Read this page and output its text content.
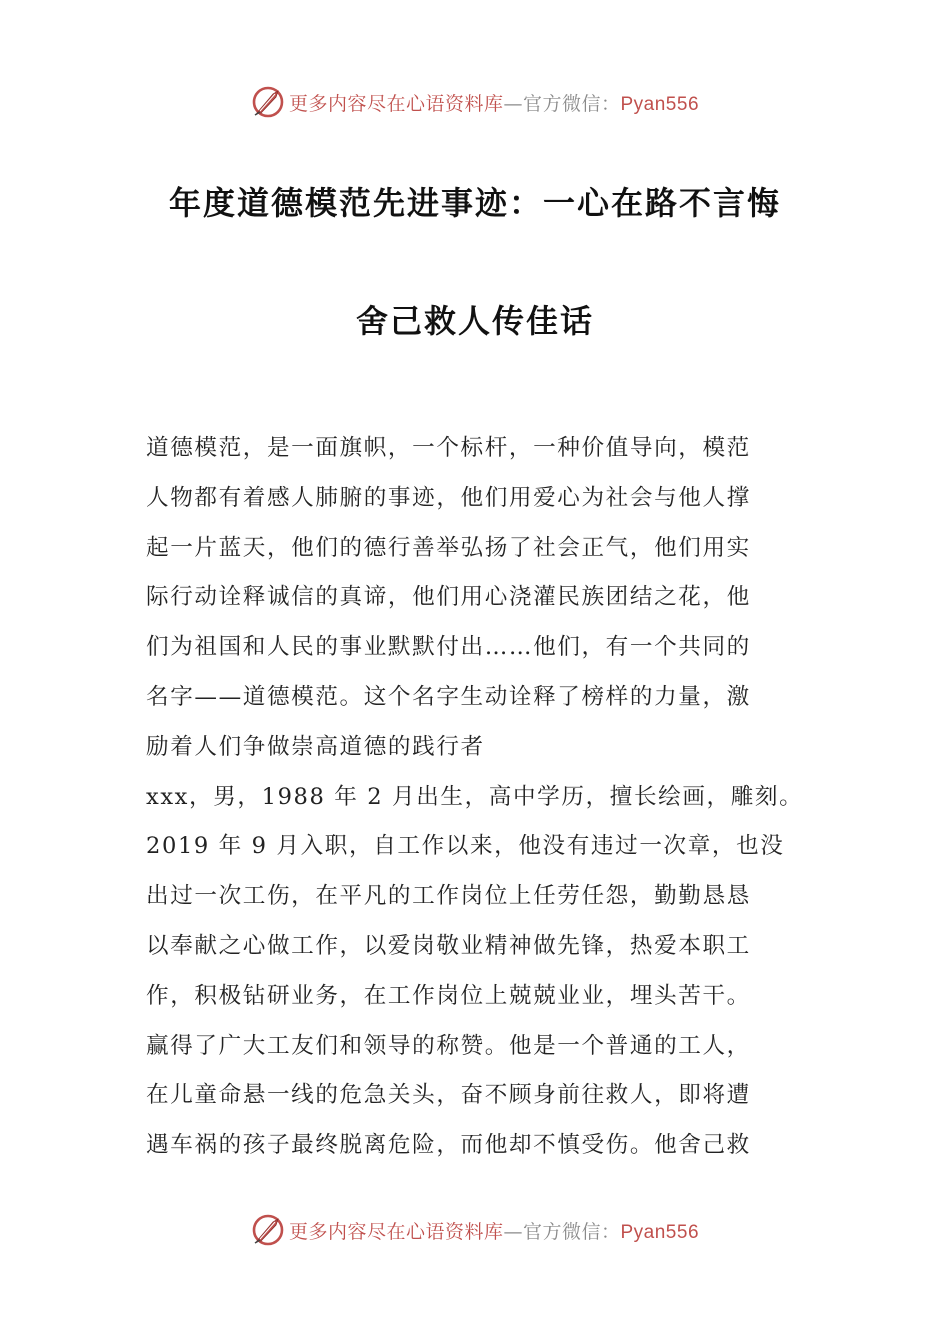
更多内容尽在心语资料库—官方微信：Pyan556
年度道德模范先进事迹：一心在路不言悔
舍己救人传佳话
道德模范，是一面旗帜，一个标杆，一种价值导向，模范
人物都有着感人肺腑的事迹，他们用爱心为社会与他人撑
起一片蓝天，他们的德行善举弘扬了社会正气，他们用实
际行动诠释诚信的真谛，他们用心浇灌民族团结之花，他
们为祖国和人民的事业默默付出……他们，有一个共同的
名字——道德模范。这个名字生动诠释了榜样的力量，激
励着人们争做崇高道德的践行者
xxx，男，1988 年 2 月出生，高中学历，擅长绘画，雕刻。
2019 年 9 月入职，自工作以来，他没有违过一次章，也没
出过一次工伤，在平凡的工作岗位上任劳任怨，勤勤恳恳
以奉献之心做工作，以爱岗敬业精神做先锋，热爱本职工
作，积极钻研业务，在工作岗位上兢兢业业，埋头苦干。
赢得了广大工友们和领导的称赞。他是一个普通的工人，
在儿童命悬一线的危急关头，奋不顾身前往救人，即将遭
遇车祸的孩子最终脱离危险，而他却不慎受伤。他舍己救
更多内容尽在心语资料库—官方微信：Pyan556
